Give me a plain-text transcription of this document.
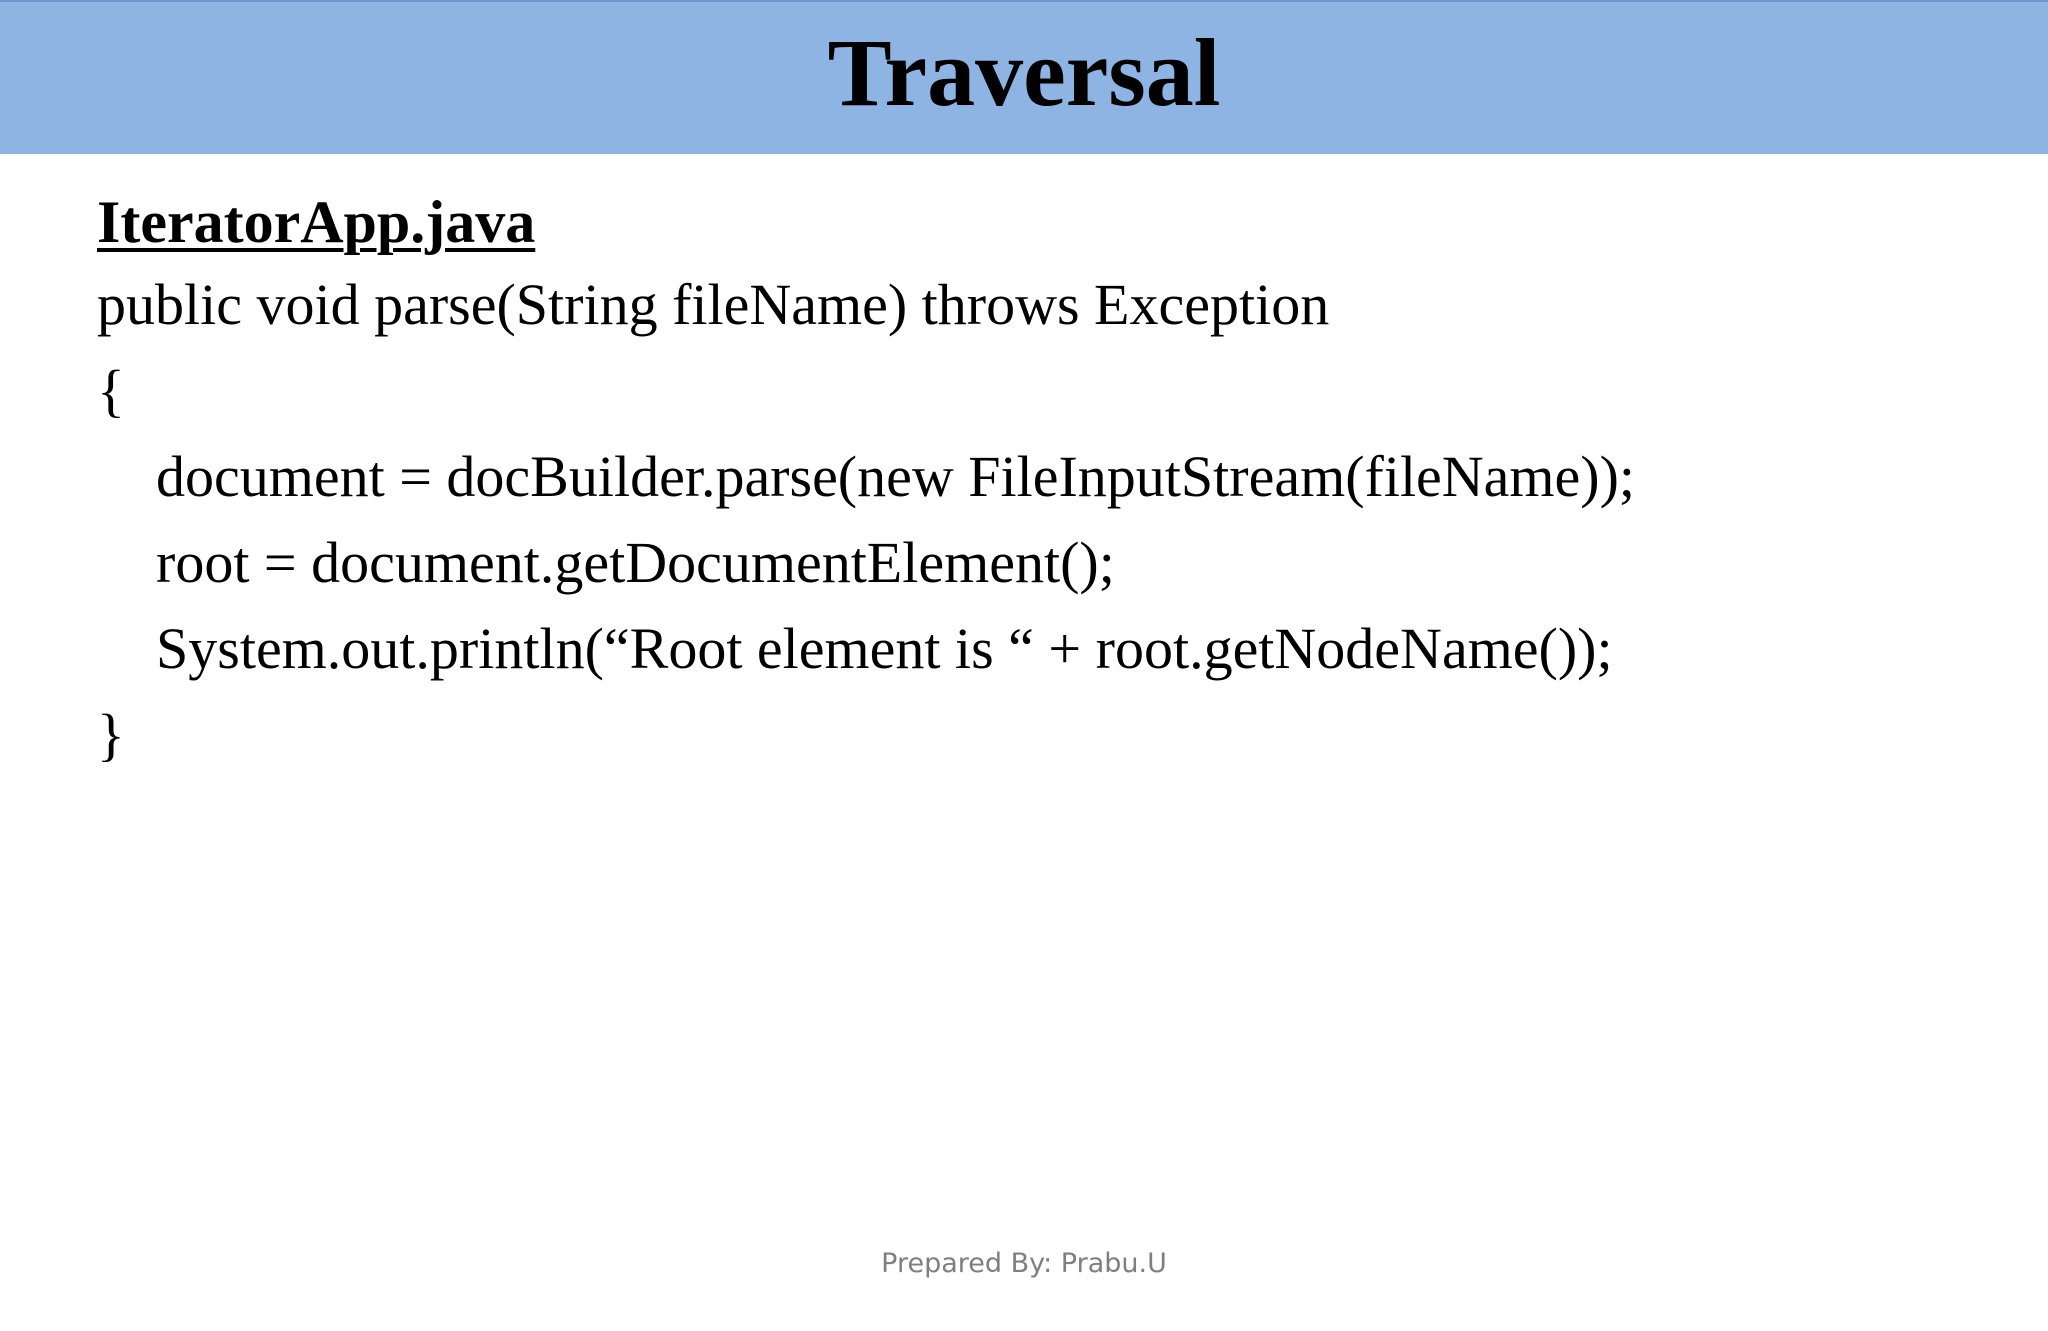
Traversal
IteratorApp.java
public void parse(String fileName) throws Exception
{
document = docBuilder.parse(new FileInputStream(fileName));
root = document.getDocumentElement();
System.out.println(“Root element is “ + root.getNodeName());
}
Prepared By: Prabu.U
